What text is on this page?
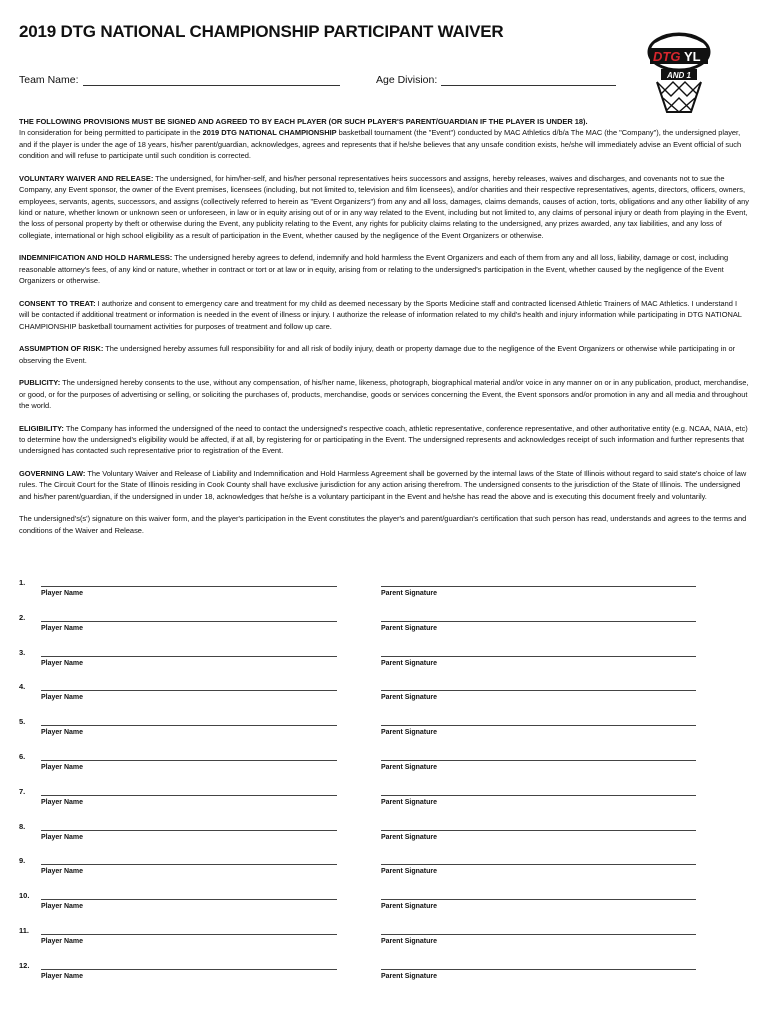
2019 DTG NATIONAL CHAMPIONSHIP PARTICIPANT WAIVER
DTG YL
AND 1
Team Name:	Age Division:

THE FOLLOWING PROVISIONS MUST BE SIGNED AND AGREED TO BY EACH PLAYER (OR SUCH PLAYER'S PARENT/GUARDIAN IF THE PLAYER IS UNDER 18).
In consideration for being permitted to participate in the 2019 DTG NATIONAL CHAMPIONSHIP basketball tournament (the "Event") conducted by MAC Athletics d/b/a The MAC (the "Company"), the undersigned player, and if the player is under the age of 18 years, his/her parent/guardian, acknowledges, agrees and represents that if he/she believes that any unsafe condition exists, he/she will immediately advise an Event official of such condition and will refuse to participate until such condition is corrected.

VOLUNTARY WAIVER AND RELEASE: The undersigned, for him/her-self, and his/her personal representatives heirs successors and assigns, hereby releases, waives and discharges, and covenants not to sue the Company, any Event sponsor, the owner of the Event premises, licensees (including, but not limited to, television and film licensees), and/or charities and their respective representatives, agents, directors, officers, owners, employees, servants, agents, successors, and assigns (collectively referred to herein as "Event Organizers") from any and all loss, damages, claims demands, causes of action, torts, obligations and any other liability of any kind or nature, whether known or unknown seen or unforeseen, in law or in equity arising out of or in any way related to the Event, including but not limited to, any claims of personal injury or death from playing in the Event, the loss of personal property by theft or otherwise during the Event, any publicity relating to the Event, any rights for publicity claims relating to the undersigned, any prizes awarded, any tax liabilities, and any loss of collegiate, international or high school eligibility as a result of participation in the Event, whether caused by the negligence of the Event Organizers or otherwise.

INDEMNIFICATION AND HOLD HARMLESS: The undersigned hereby agrees to defend, indemnify and hold harmless the Event Organizers and each of them from any and all loss, liability, damage or cost, including reasonable attorney's fees, of any kind or nature, whether in contract or tort or at law or in equity, arising from or relating to the undersigned's participation in the Event, whether caused by the negligence of the Event Organizers or otherwise.

CONSENT TO TREAT: I authorize and consent to emergency care and treatment for my child as deemed necessary by the Sports Medicine staff and contracted licensed Athletic Trainers of MAC Athletics. I understand I will be contacted if additional treatment or information is needed in the event of illness or injury. I authorize the release of information related to my child's health and injury information while participating in DTG NATIONAL CHAMPIONSHIP basketball tournament activities for purposes of treatment and follow up care.

ASSUMPTION OF RISK: The undersigned hereby assumes full responsibility for and all risk of bodily injury, death or property damage due to the negligence of the Event Organizers or otherwise while participating in or observing the Event.

PUBLICITY: The undersigned hereby consents to the use, without any compensation, of his/her name, likeness, photograph, biographical material and/or voice in any manner on or in any publication, product, merchandise, or good, or for the purposes of advertising or selling, or soliciting the purchases of, products, merchandise, goods or services concerning the Event, the Event sponsors and/or promotion in any and all media and throughout the world.

ELIGIBILITY: The Company has informed the undersigned of the need to contact the undersigned's respective coach, athletic representative, conference representative, and other authoritative entity (e.g. NCAA, NAIA, etc) to determine how the undersigned's eligibility would be affected, if at all, by registering for or participating in the Event. The undersigned represents and acknowledges receipt of such information and further represents that undersigned has contacted such representative prior to registration of the Event.

GOVERNING LAW: The Voluntary Waiver and Release of Liability and Indemnification and Hold Harmless Agreement shall be governed by the internal laws of the State of Illinois without regard to said state's choice of law rules. The Circuit Court for the State of Illinois residing in Cook County shall have exclusive jurisdiction for any action arising therefrom. The undersigned consents to the jurisdiction of the State of Illinois. The undersigned and his/her parent/guardian, if the undersigned in under 18, acknowledges that he/she is a voluntary participant in the Event and he/she has read the above and is executing this document freely and voluntarily.

The undersigned's(s') signature on this waiver form, and the player's participation in the Event constitutes the player's and parent/guardian's certification that such person has read, understands and agrees to the terms and conditions of the Waiver and Release.

1.
Player Name	Parent Signature
2.
Player Name	Parent Signature
3.
Player Name	Parent Signature
4.
Player Name	Parent Signature
5.
Player Name	Parent Signature
6.
Player Name	Parent Signature
7.
Player Name	Parent Signature
8.
Player Name	Parent Signature
9.
Player Name	Parent Signature
10.
Player Name	Parent Signature
11.
Player Name	Parent Signature
12.
Player Name	Parent Signature
